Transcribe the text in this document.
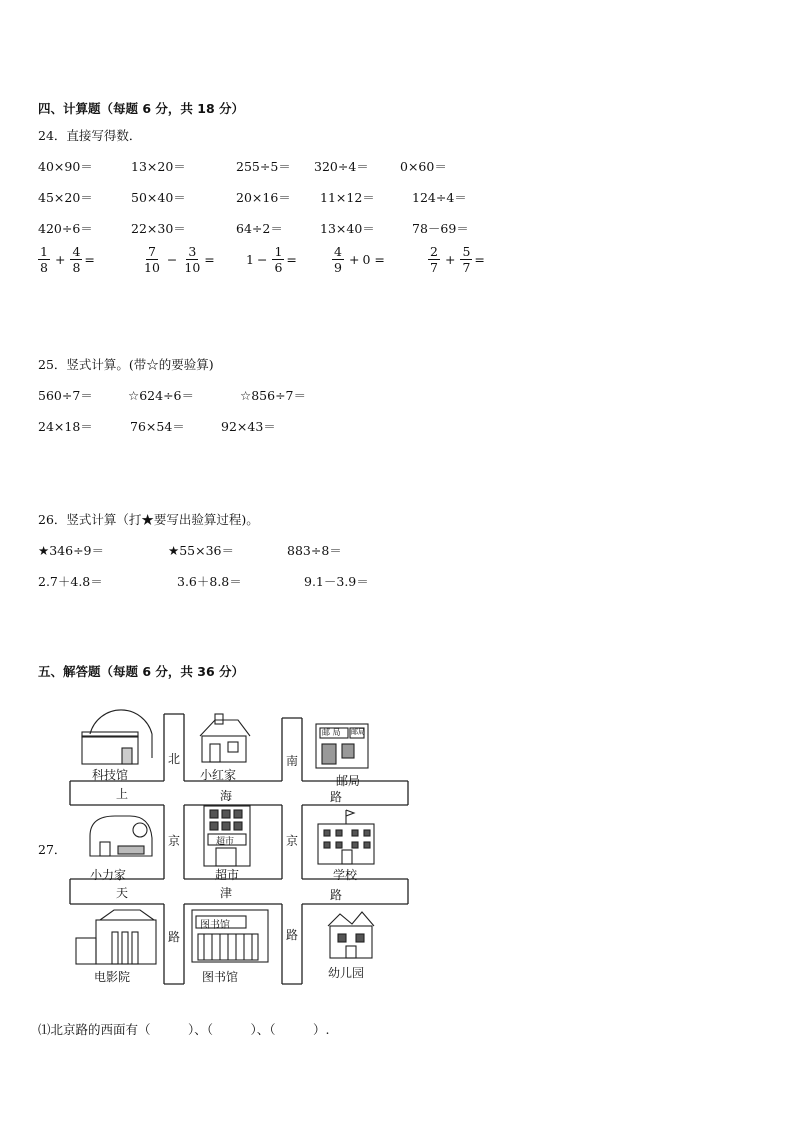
四、计算题（每题 6 分，共 18 分）
24．直接写得数．
40×90＝	13×20＝	255÷5＝ 320÷4＝ 0×60＝
45×20＝	50×40＝	20×16＝ 11×12＝	124÷4＝
420÷6＝	22×30＝	64÷2＝	13×40＝	78－69＝
$\frac{1}{8} + \frac{4}{8}$ =	$\frac{7}{10} - \frac{3}{10} = 1 - \frac{1}{6}$ =	$\frac{4}{9} + 0$ =	$\frac{2}{7} + \frac{5}{7}$ =
25．竖式计算。(带☆的要验算)
560÷7＝	☆624÷6＝	☆856÷7＝
24×18＝	76×54＝	92×43＝
26．竖式计算（打★要写出验算过程)。
★346÷9＝	★55×36＝	883÷8＝
2.7＋4.8＝	3.6＋8.8＝	9.1－3.9＝
五、解答题（每题 6 分，共 36 分）
27．
科技馆	小红家	邮局
小力家	超市	学校
电影院	图书馆	幼儿园
邮 局 邮局
超市
图书馆
上	海	路
天	津	路
北
京
路
南
京
路
⑴北京路的西面有（　　　）、（　　　）、（　　　）.
